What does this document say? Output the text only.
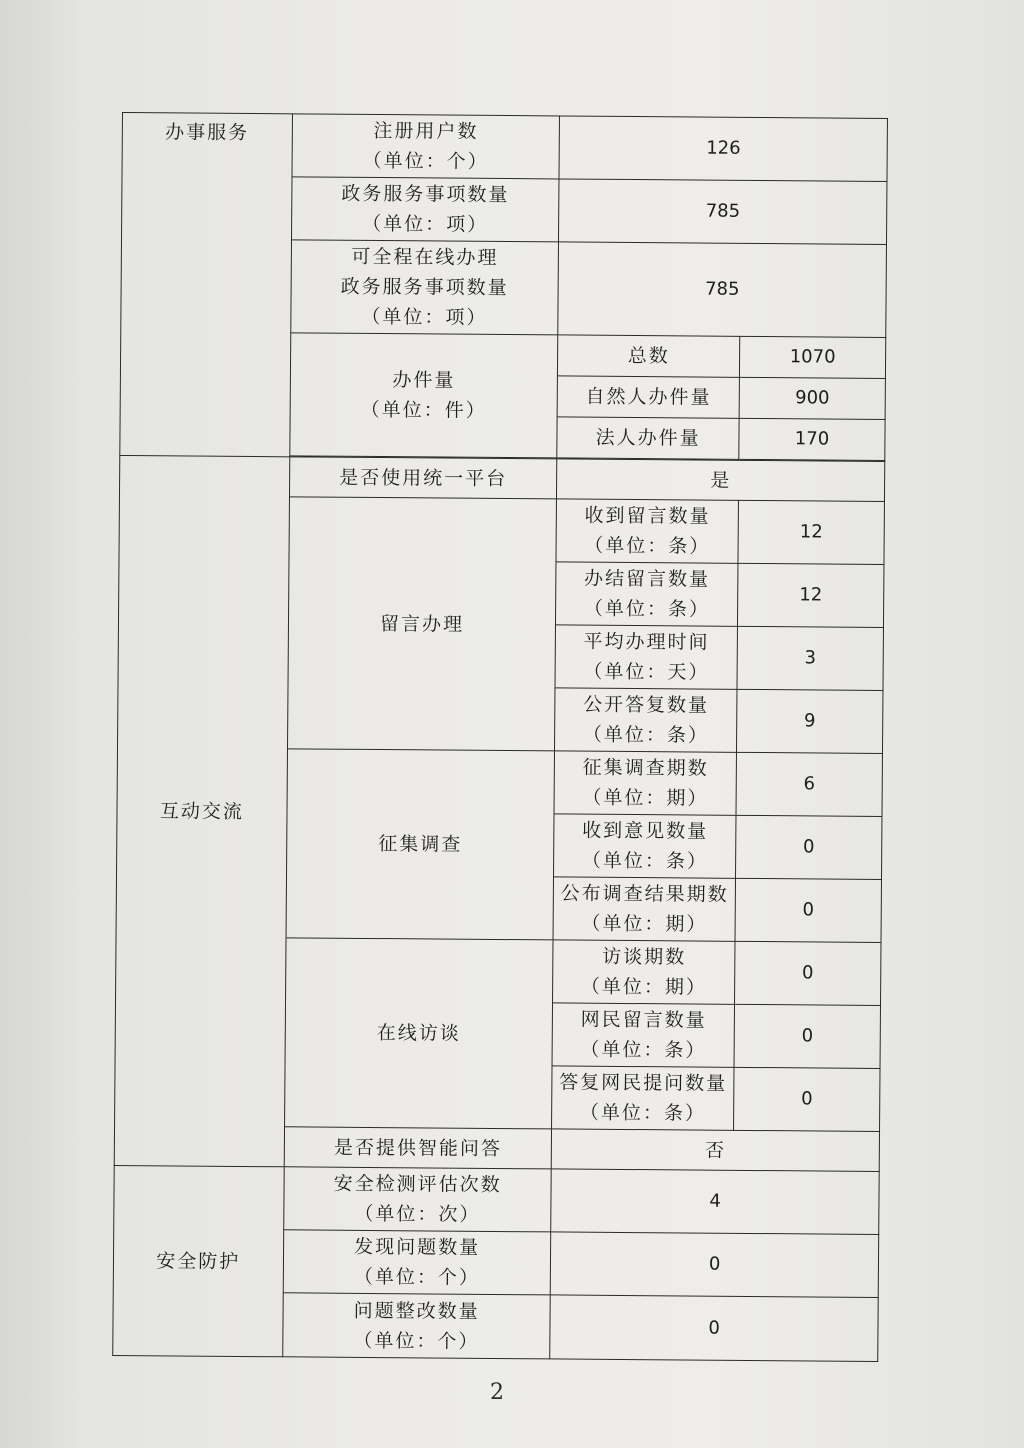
办事服务	注册用户数
（单位：个）	126	
	政务服务事项数量
（单位：项）	785	
	可全程在线办理
政务服务事项数量
（单位：项）	785	
	办件量
（单位：件）	总数	1070
		自然人办件量	900
		法人办件量	170

互动交流	是否使用统一平台	是	
	留言办理	收到留言数量
（单位：条）	12
		办结留言数量
（单位：条）	12
		平均办理时间
（单位：天）	3
		公开答复数量
（单位：条）	9
	征集调查	征集调查期数
（单位：期）	6
		收到意见数量
（单位：条）	0
		公布调查结果期数
（单位：期）	0
	在线访谈	访谈期数
（单位：期）	0
		网民留言数量
（单位：条）	0
		答复网民提问数量
（单位：条）	0
	是否提供智能问答	否	
安全防护	安全检测评估次数
（单位：次）	4	
	发现问题数量
（单位：个）	0	
	问题整改数量
（单位：个）	0	
2
